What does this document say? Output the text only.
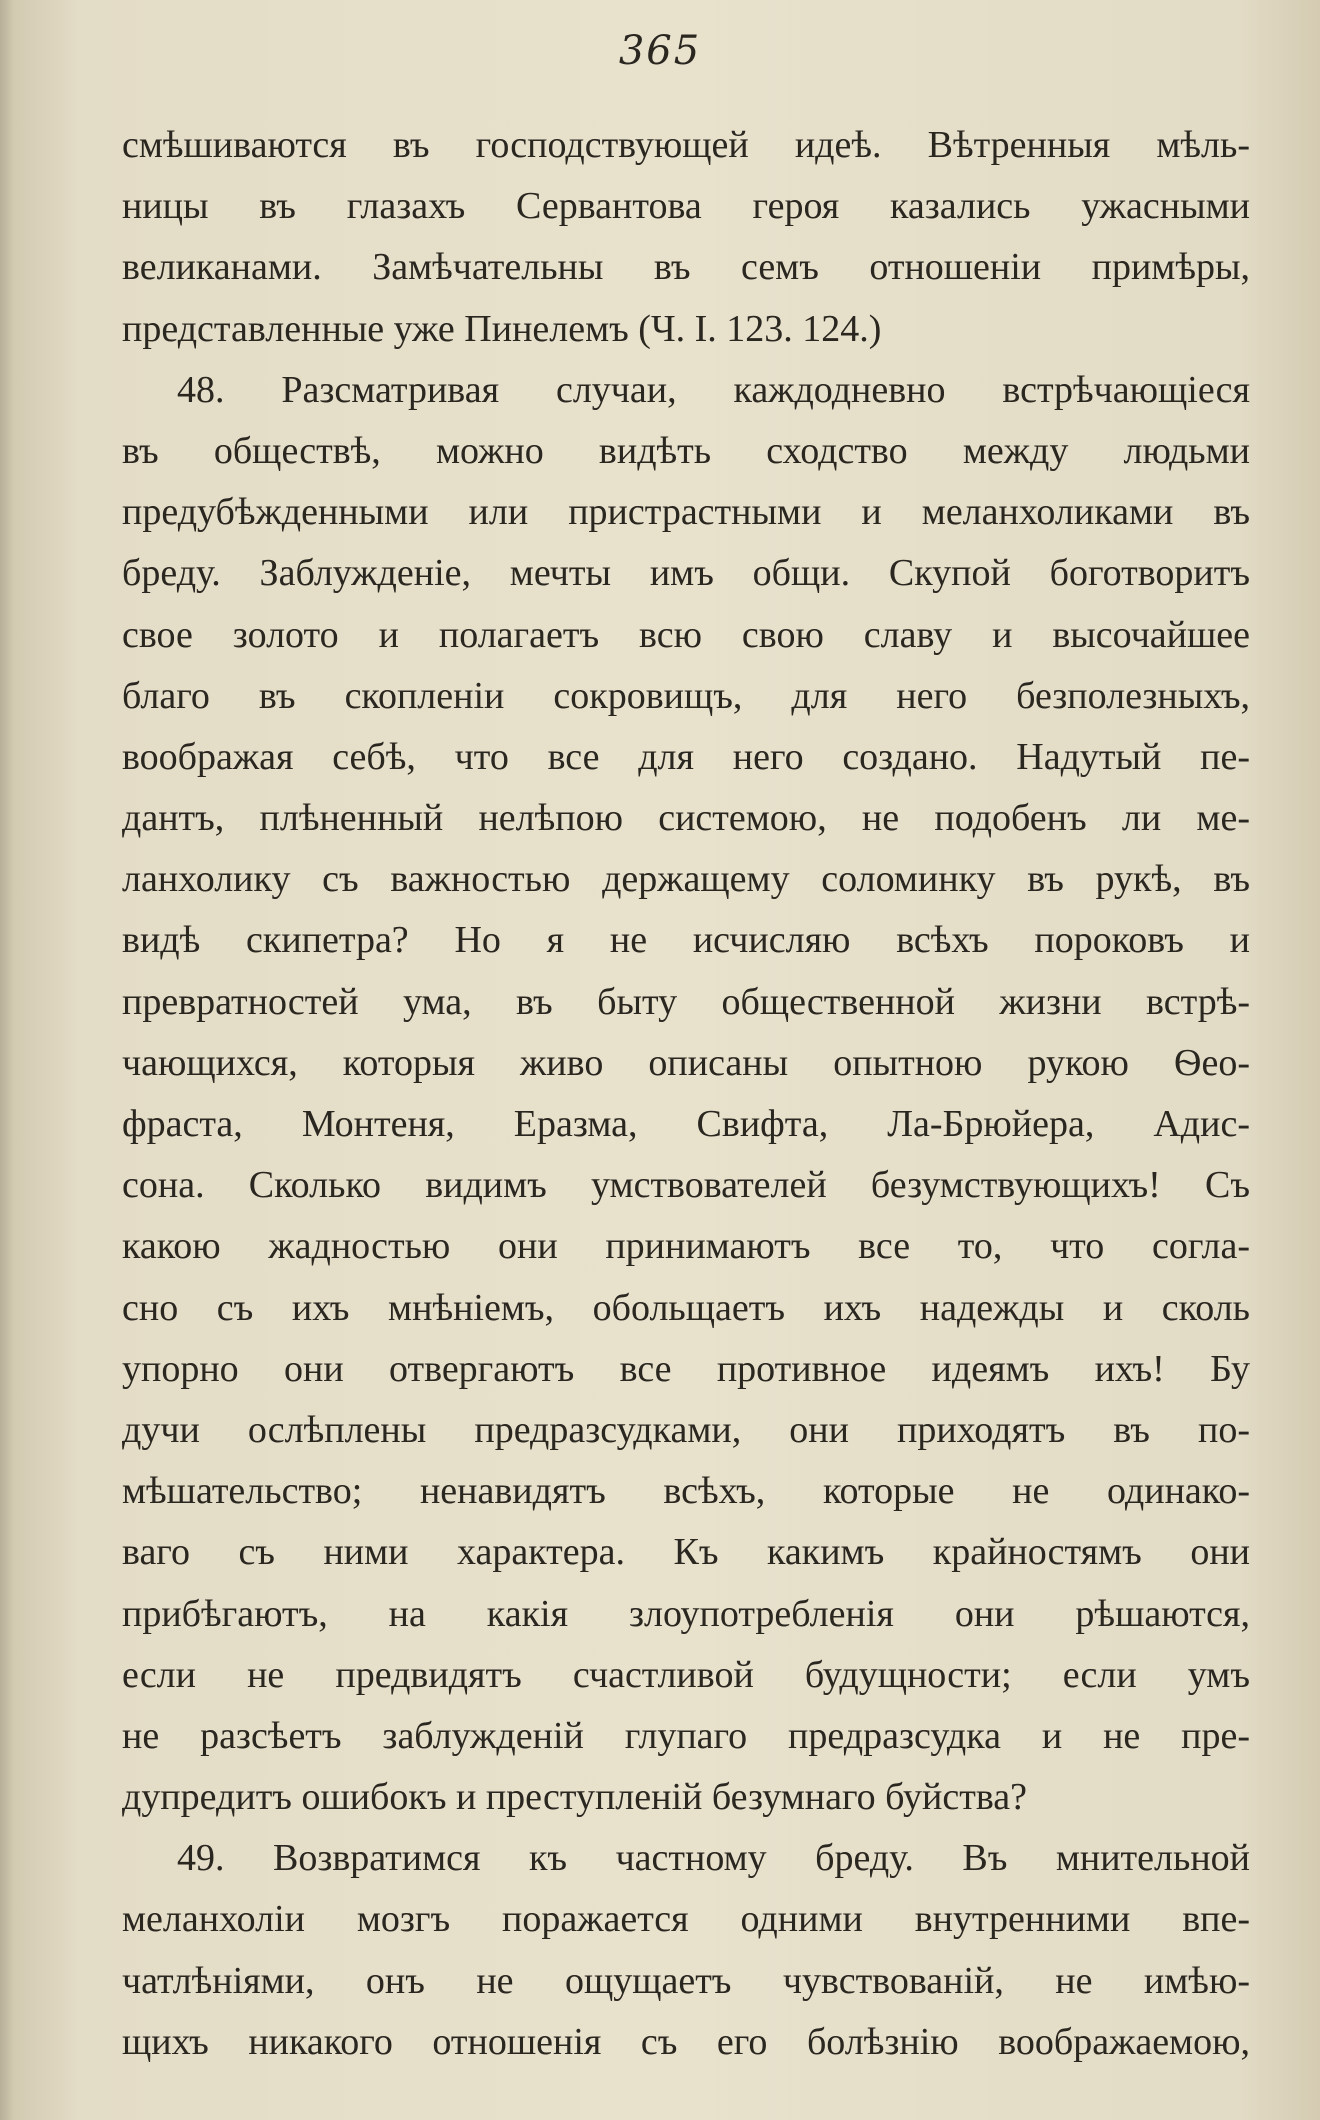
365
смѣшиваются въ господствующей идеѣ. Вѣтренныя мѣль-
ницы въ глазахъ Сервантова героя казались ужасными
великанами. Замѣчательны въ семъ отношеніи примѣры,
представленные уже Пинелемъ (Ч. I. 123. 124.)
48. Разсматривая случаи, каждодневно встрѣчающіеся
въ обществѣ, можно видѣть сходство между людьми
предубѣжденными или пристрастными и меланхоликами въ
бреду. Заблужденіе, мечты имъ общи. Скупой боготворитъ
свое золото и полагаетъ всю свою славу и высочайшее
благо въ скопленіи сокровищъ, для него безполезныхъ,
воображая себѣ, что все для него создано. Надутый пе-
дантъ, плѣненный нелѣпою системою, не подобенъ ли ме-
ланхолику съ важностью держащему соломинку въ рукѣ, въ
видѣ скипетра? Но я не исчисляю всѣхъ пороковъ и
превратностей ума, въ быту общественной жизни встрѣ-
чающихся, которыя живо описаны опытною рукою Ѳео-
фраста, Монтеня, Еразма, Свифта, Ла-Брюйера, Адис-
сона. Сколько видимъ умствователей безумствующихъ! Съ
какою жадностью они принимаютъ все то, что согла-
сно съ ихъ мнѣніемъ, обольщаетъ ихъ надежды и сколь
упорно они отвергаютъ все противное идеямъ ихъ! Бу
дучи ослѣплены предразсудками, они приходятъ въ по-
мѣшательство; ненавидятъ всѣхъ, которые не одинако-
ваго съ ними характера. Къ какимъ крайностямъ они
прибѣгаютъ, на какія злоупотребленія они рѣшаются,
если не предвидятъ счастливой будущности; если умъ
не разсѣетъ заблужденій глупаго предразсудка и не пре-
дупредитъ ошибокъ и преступленій безумнаго буйства?
49. Возвратимся къ частному бреду. Въ мнительной
меланхоліи мозгъ поражается одними внутренними впе-
чатлѣніями, онъ не ощущаетъ чувствованій, не имѣю-
щихъ никакого отношенія съ его болѣзнію воображаемою,
